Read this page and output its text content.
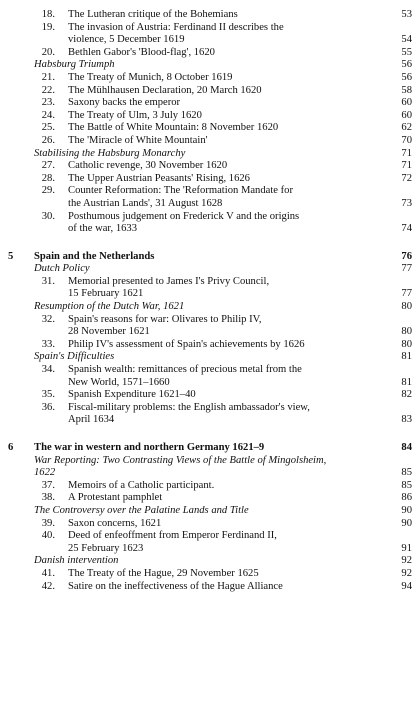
18. The Lutheran critique of the Bohemians	53
19. The invasion of Austria: Ferdinand II describes the
violence, 5 December 1619	54
20. Bethlen Gabor's 'Blood-flag', 1620	55
Habsburg Triumph	56
21. The Treaty of Munich, 8 October 1619	56
22. The Mühlhausen Declaration, 20 March 1620	58
23. Saxony backs the emperor	60
24. The Treaty of Ulm, 3 July 1620	60
25. The Battle of White Mountain: 8 November 1620	62
26. The 'Miracle of White Mountain'	70
Stabilising the Habsburg Monarchy	71
27. Catholic revenge, 30 November 1620	71
28. The Upper Austrian Peasants' Rising, 1626	72
29. Counter Reformation: The 'Reformation Mandate for
the Austrian Lands', 31 August 1628	73
30. Posthumous judgement on Frederick V and the origins
of the war, 1633	74
5 Spain and the Netherlands	76
Dutch Policy	77
31. Memorial presented to James I's Privy Council,
15 February 1621	77
Resumption of the Dutch War, 1621	80
32. Spain's reasons for war: Olivares to Philip IV,
28 November 1621	80
33. Philip IV's assessment of Spain's achievements by 1626	80
Spain's Difficulties	81
34. Spanish wealth: remittances of precious metal from the
New World, 1571–1660	81
35. Spanish Expenditure 1621–40	82
36. Fiscal-military problems: the English ambassador's view,
April 1634	83
6 The war in western and northern Germany 1621–9	84
War Reporting: Two Contrasting Views of the Battle of Mingolsheim,
1622	85
37. Memoirs of a Catholic participant.	85
38. A Protestant pamphlet	86
The Controversy over the Palatine Lands and Title	90
39. Saxon concerns, 1621	90
40. Deed of enfeoffment from Emperor Ferdinand II,
25 February 1623	91
Danish intervention	92
41. The Treaty of the Hague, 29 November 1625	92
42. Satire on the ineffectiveness of the Hague Alliance	94
